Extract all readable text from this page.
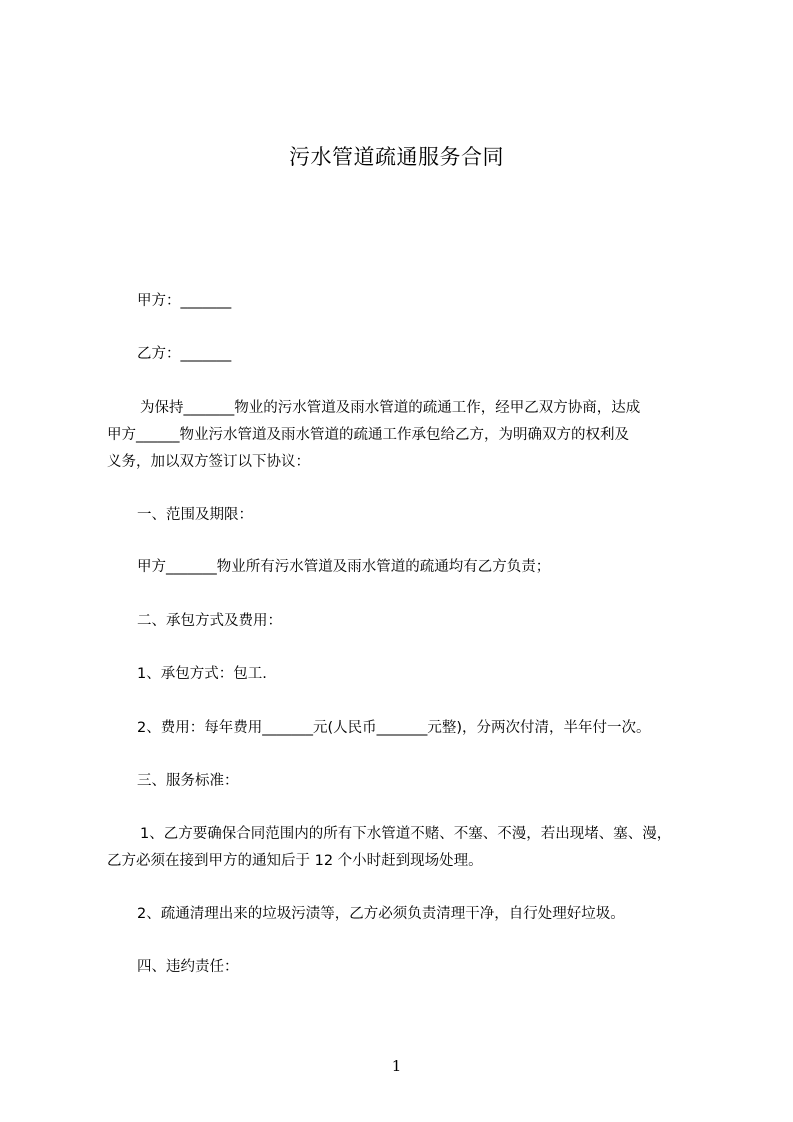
污水管道疏通服务合同
甲方：_______
乙方：_______
为保持_______物业的污水管道及雨水管道的疏通工作，经甲乙双方协商，达成
甲方______物业污水管道及雨水管道的疏通工作承包给乙方，为明确双方的权利及
义务，加以双方签订以下协议：
一、范围及期限：
甲方_______物业所有污水管道及雨水管道的疏通均有乙方负责；
二、承包方式及费用：
1、承包方式：包工.
2、费用：每年费用_______元(人民币_______元整)，分两次付清，半年付一次。
三、服务标准：
1、乙方要确保合同范围内的所有下水管道不赌、不塞、不漫，若出现堵、塞、漫，
乙方必须在接到甲方的通知后于 12 个小时赶到现场处理。
2、疏通清理出来的垃圾污渍等，乙方必须负责清理干净，自行处理好垃圾。
四、违约责任：
1
